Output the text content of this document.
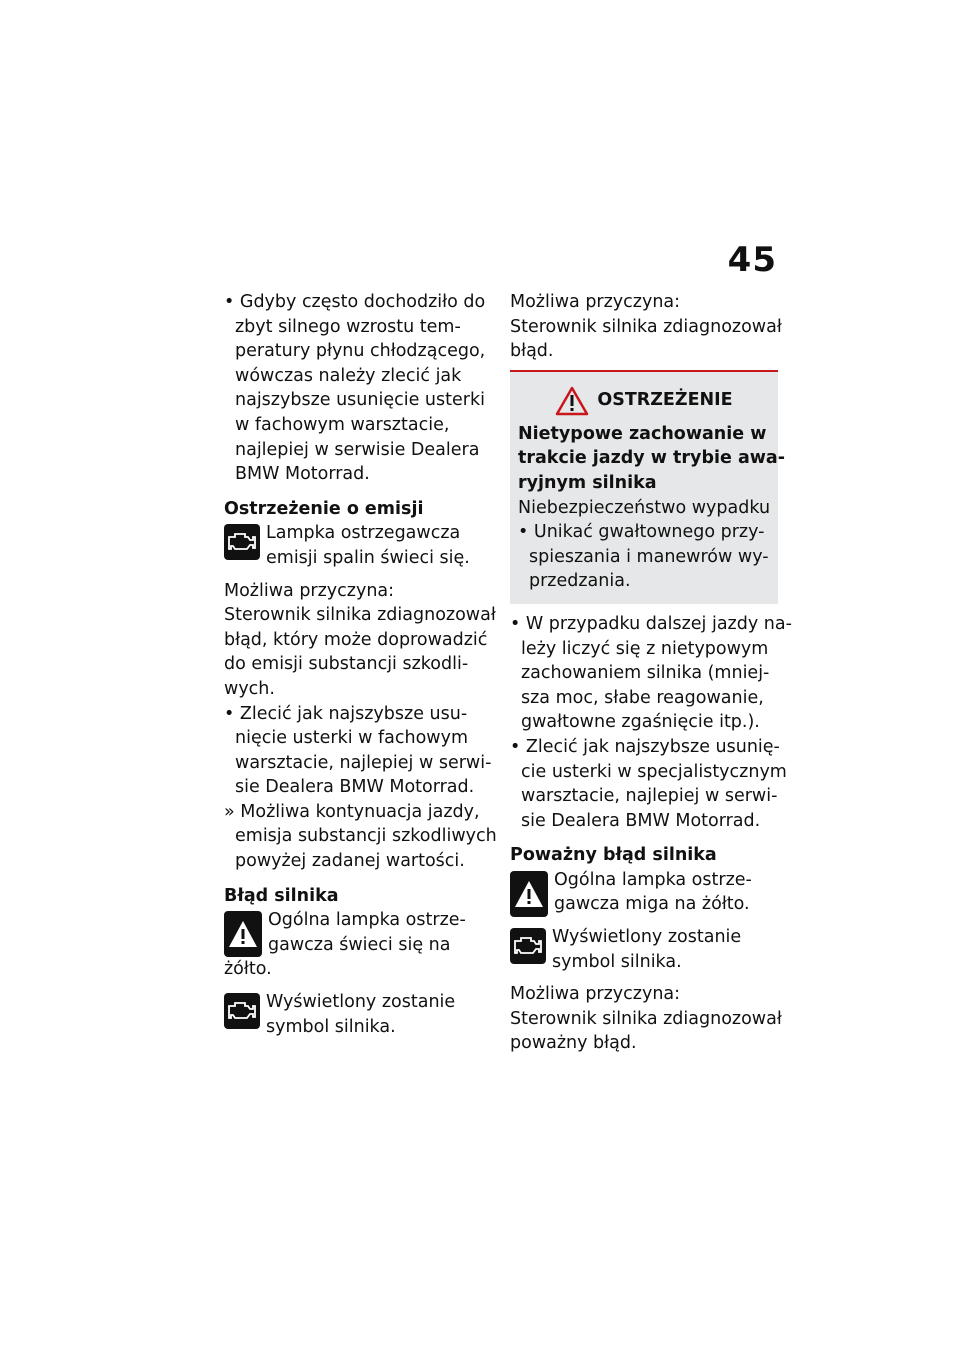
45
• Gdyby często dochodziło do
zbyt silnego wzrostu tem-
peratury płynu chłodzącego,
wówczas należy zlecić jak
najszybsze usunięcie usterki
w fachowym warsztacie,
najlepiej w serwisie Dealera
BMW Motorrad.
Ostrzeżenie o emisji
Lampka ostrzegawcza
emisji spalin świeci się.
Możliwa przyczyna:
Sterownik silnika zdiagnozował
błąd, który może doprowadzić
do emisji substancji szkodli-
wych.
• Zlecić jak najszybsze usu-
nięcie usterki w fachowym
warsztacie, najlepiej w serwi-
sie Dealera BMW Motorrad.
» Możliwa kontynuacja jazdy,
emisja substancji szkodliwych
powyżej zadanej wartości.
Błąd silnika
Ogólna lampka ostrze-
gawcza świeci się na
żółto.
Wyświetlony zostanie
symbol silnika.
Możliwa przyczyna:
Sterownik silnika zdiagnozował
błąd.
OSTRZEŻENIE
Nietypowe zachowanie w
trakcie jazdy w trybie awa-
ryjnym silnika
Niebezpieczeństwo wypadku
• Unikać gwałtownego przy-
spieszania i manewrów wy-
przedzania.
• W przypadku dalszej jazdy na-
leży liczyć się z nietypowym
zachowaniem silnika (mniej-
sza moc, słabe reagowanie,
gwałtowne zgaśnięcie itp.).
• Zlecić jak najszybsze usunię-
cie usterki w specjalistycznym
warsztacie, najlepiej w serwi-
sie Dealera BMW Motorrad.
Poważny błąd silnika
Ogólna lampka ostrze-
gawcza miga na żółto.
Wyświetlony zostanie
symbol silnika.
Możliwa przyczyna:
Sterownik silnika zdiagnozował
poważny błąd.
